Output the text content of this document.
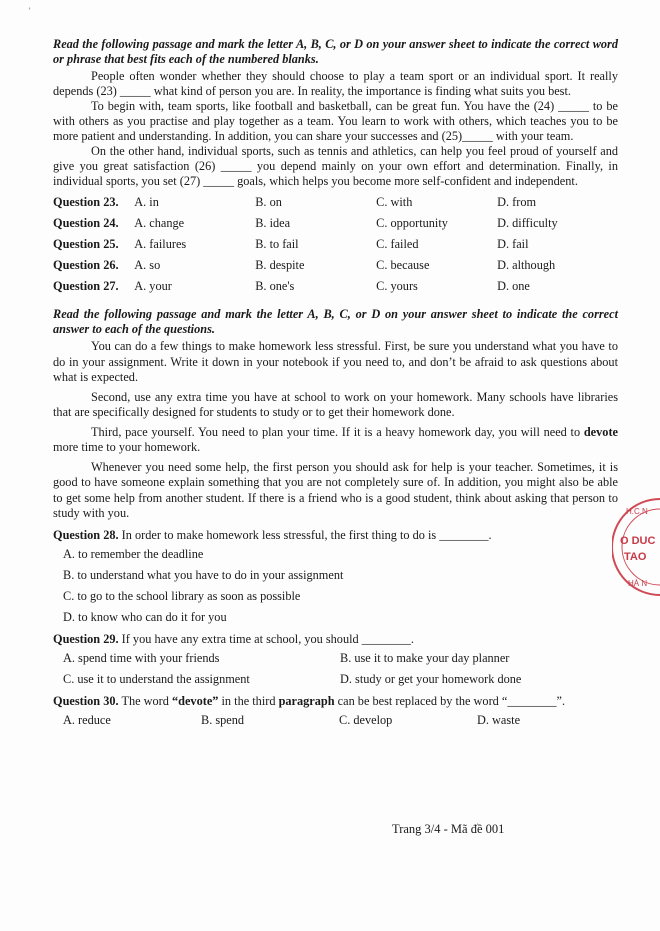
’

Read the following passage and mark the letter A, B, C, or D on your answer sheet to indicate the correct word or phrase that best fits each of the numbered blanks.

People often wonder whether they should choose to play a team sport or an individual sport. It really depends (23) _____ what kind of person you are. In reality, the importance is finding what suits you best.

To begin with, team sports, like football and basketball, can be great fun. You have the (24) _____ to be with others as you practise and play together as a team. You learn to work with others, which teaches you to be more patient and understanding. In addition, you can share your successes and (25)_____ with your team.

On the other hand, individual sports, such as tennis and athletics, can help you feel proud of yourself and give you great satisfaction (26) _____ you depend mainly on your own effort and determination. Finally, in individual sports, you set (27) _____ goals, which helps you become more self-confident and independent.

Question 23.	A. in	B. on	C. with	D. from
Question 24.	A. change	B. idea	C. opportunity	D. difficulty
Question 25.	A. failures	B. to fail	C. failed	D. fail
Question 26.	A. so	B. despite	C. because	D. although
Question 27.	A. your	B. one's	C. yours	D. one

Read the following passage and mark the letter A, B, C, or D on your answer sheet to indicate the correct answer to each of the questions.

You can do a few things to make homework less stressful. First, be sure you understand what you have to do in your assignment. Write it down in your notebook if you need to, and don’t be afraid to ask questions about what is expected.

Second, use any extra time you have at school to work on your homework. Many schools have libraries that are specifically designed for students to study or to get their homework done.

Third, pace yourself. You need to plan your time. If it is a heavy homework day, you will need to devote more time to your homework.

Whenever you need some help, the first person you should ask for help is your teacher. Sometimes, it is good to have someone explain something that you are not completely sure of. In addition, you might also be able to get some help from another student. If there is a friend who is a good student, think about asking that person to study with you.

Question 28. In order to make homework less stressful, the first thing to do is ________.
A. to remember the deadline
B. to understand what you have to do in your assignment
C. to go to the school library as soon as possible
D. to know who can do it for you
Question 29. If you have any extra time at school, you should ________.
A. spend time with your friends	B. use it to make your day planner
C. use it to understand the assignment	D. study or get your homework done
Question 30. The word “devote” in the third paragraph can be best replaced by the word “________”.
A. reduce	B. spend	C. develop	D. waste
Trang 3/4 - Mã đề 001
H.C.N
O DUC
TAO
HÀ N
